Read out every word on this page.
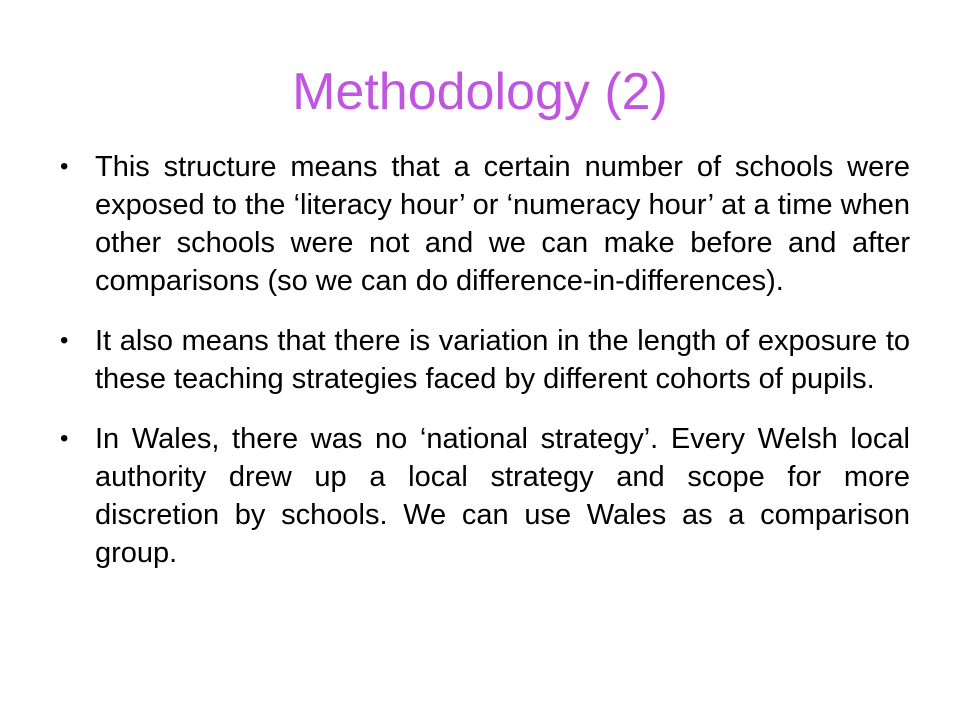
Methodology (2)
• This structure means that a certain number of schools were exposed to the ‘literacy hour’ or ‘numeracy hour’ at a time when other schools were not and we can make before and after comparisons (so we can do difference-in-differences).
• It also means that there is variation in the length of exposure to these teaching strategies faced by different cohorts of pupils.
• In Wales, there was no ‘national strategy’. Every Welsh local authority drew up a local strategy and scope for more discretion by schools. We can use Wales as a comparison group.
